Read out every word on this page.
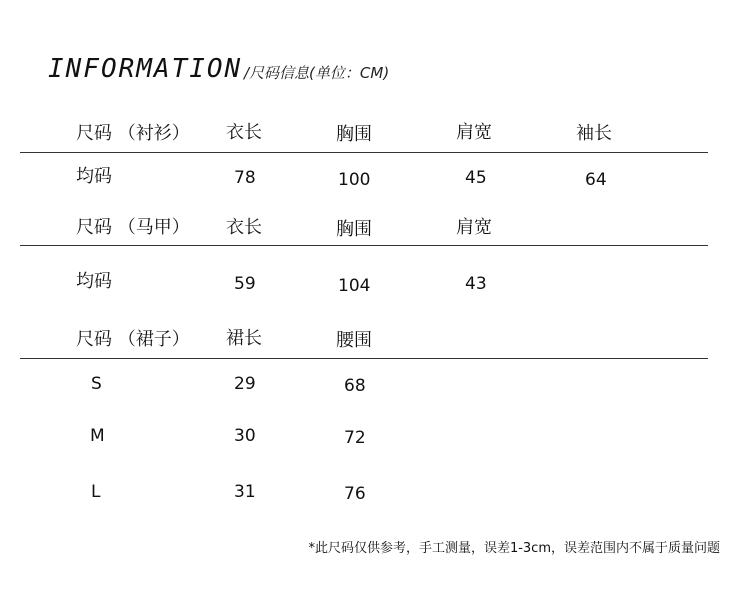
INFORMATION /尺码信息(单位：CM)
尺码 （衬衫） 衣长	胸围	肩宽	袖长
均码	78	100	45	64
尺码 （马甲） 衣长	胸围	肩宽
均码	59	104	43
尺码 （裙子） 裙长	腰围
S	29	68
M	30	72
L	31	76
*此尺码仅供参考，手工测量，误差1-3cm，误差范围内不属于质量问题
